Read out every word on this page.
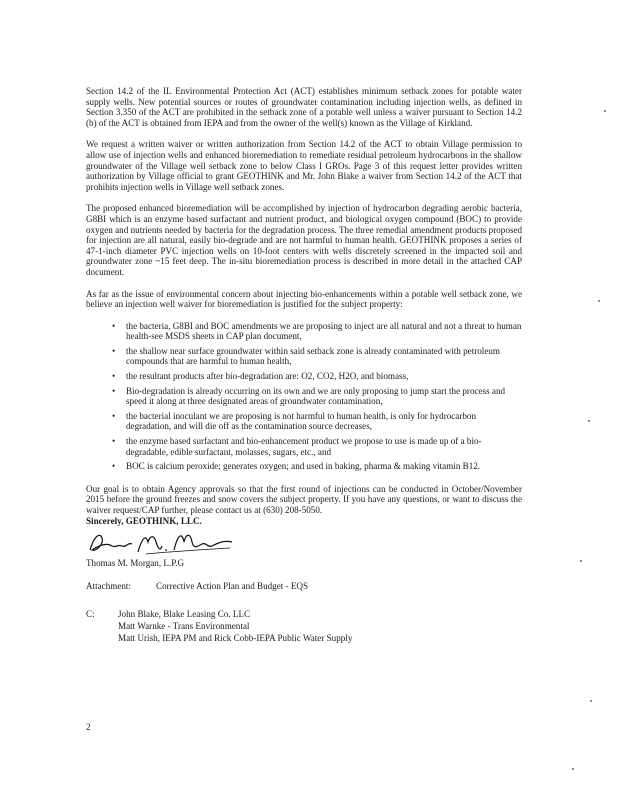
Section 14.2 of the IL Environmental Protection Act (ACT) establishes minimum setback zones for potable water supply wells. New potential sources or routes of groundwater contamination including injection wells, as defined in Section 3.350 of the ACT are prohibited in the setback zone of a potable well unless a waiver pursuant to Section 14.2 (b) of the ACT is obtained from IEPA and from the owner of the well(s) known as the Village of Kirkland.

We request a written waiver or written authorization from Section 14.2 of the ACT to obtain Village permission to allow use of injection wells and enhanced bioremediation to remediate residual petroleum hydrocarbons in the shallow groundwater of the Village well setback zone to below Class I GROs. Page 3 of this request letter provides written authorization by Village official to grant GEOTHINK and Mr. John Blake a waiver from Section 14.2 of the ACT that prohibits injection wells in Village well setback zones.

The proposed enhanced bioremediation will be accomplished by injection of hydrocarbon degrading aerobic bacteria, G8BI which is an enzyme based surfactant and nutrient product, and biological oxygen compound (BOC) to provide oxygen and nutrients needed by bacteria for the degradation process. The three remedial amendment products proposed for injection are all natural, easily bio-degrade and are not harmful to human health. GEOTHINK proposes a series of 47-1-inch diameter PVC injection wells on 10-foot centers with wells discretely screened in the impacted soil and groundwater zone ~15 feet deep. The in-situ bioremediation process is described in more detail in the attached CAP document.

As far as the issue of environmental concern about injecting bio-enhancements within a potable well setback zone, we believe an injection well waiver for bioremediation is justified for the subject property:

• the bacteria, G8BI and BOC amendments we are proposing to inject are all natural and not a threat to human health-see MSDS sheets in CAP plan document,
• the shallow near surface groundwater within said setback zone is already contaminated with petroleum compounds that are harmful to human health,
• the resultant products after bio-degradation are: O2, CO2, H2O, and biomass,
• Bio-degradation is already occurring on its own and we are only proposing to jump start the process and speed it along at three designated areas of groundwater contamination,
• the bacterial inoculant we are proposing is not harmful to human health, is only for hydrocarbon degradation, and will die off as the contamination source decreases,
• the enzyme based surfactant and bio-enhancement product we propose to use is made up of a bio-degradable, edible surfactant, molasses, sugars, etc., and
• BOC is calcium peroxide; generates oxygen; and used in baking, pharma & making vitamin B12.

Our goal is to obtain Agency approvals so that the first round of injections can be conducted in October/November 2015 before the ground freezes and snow covers the subject property. If you have any questions, or want to discuss the waiver request/CAP further, please contact us at (630) 208-5050.

Sincerely, GEOTHINK, LLC.

Thomas M. Morgan, L.P.G

Attachment:	Corrective Action Plan and Budget - EQS
C:	John Blake, Blake Leasing Co. LLC
Matt Warnke - Trans Environmental
Matt Urish, IEPA PM and Rick Cobb-IEPA Public Water Supply
2
